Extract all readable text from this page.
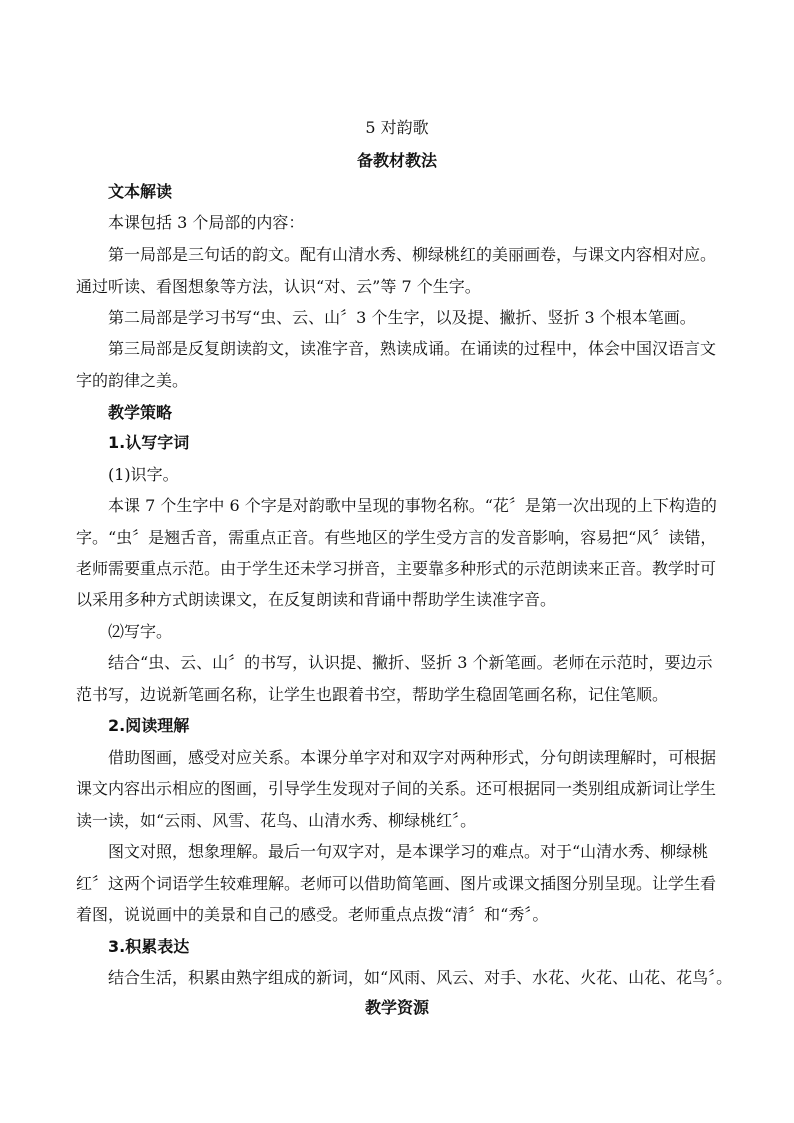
5 对韵歌
备教材教法
文本解读
本课包括 3 个局部的内容：
第一局部是三句话的韵文。配有山清水秀、柳绿桃红的美丽画卷，与课文内容相对应。
通过听读、看图想象等方法，认识“对、云”等 7 个生字。
第二局部是学习书写“虫、云、山〞3 个生字，以及提、撇折、竖折 3 个根本笔画。
第三局部是反复朗读韵文，读准字音，熟读成诵。在诵读的过程中，体会中国汉语言文
字的韵律之美。
教学策略
1.认写字词
(1)识字。
本课 7 个生字中 6 个字是对韵歌中呈现的事物名称。“花〞是第一次出现的上下构造的
字。“虫〞是翘舌音，需重点正音。有些地区的学生受方言的发音影响，容易把“风〞读错，
老师需要重点示范。由于学生还未学习拼音，主要靠多种形式的示范朗读来正音。教学时可
以采用多种方式朗读课文，在反复朗读和背诵中帮助学生读准字音。
⑵写字。
结合“虫、云、山〞的书写，认识提、撇折、竖折 3 个新笔画。老师在示范时，要边示
范书写，边说新笔画名称，让学生也跟着书空，帮助学生稳固笔画名称，记住笔顺。
2.阅读理解
借助图画，感受对应关系。本课分单字对和双字对两种形式，分句朗读理解时，可根据
课文内容出示相应的图画，引导学生发现对子间的关系。还可根据同一类别组成新词让学生
读一读，如“云雨、风雪、花鸟、山清水秀、柳绿桃红〞。
图文对照，想象理解。最后一句双字对，是本课学习的难点。对于“山清水秀、柳绿桃
红〞这两个词语学生较难理解。老师可以借助简笔画、图片或课文插图分别呈现。让学生看
着图，说说画中的美景和自己的感受。老师重点点拨“清〞和“秀〞。
3.积累表达
结合生活，积累由熟字组成的新词，如“风雨、风云、对手、水花、火花、山花、花鸟〞。
教学资源
